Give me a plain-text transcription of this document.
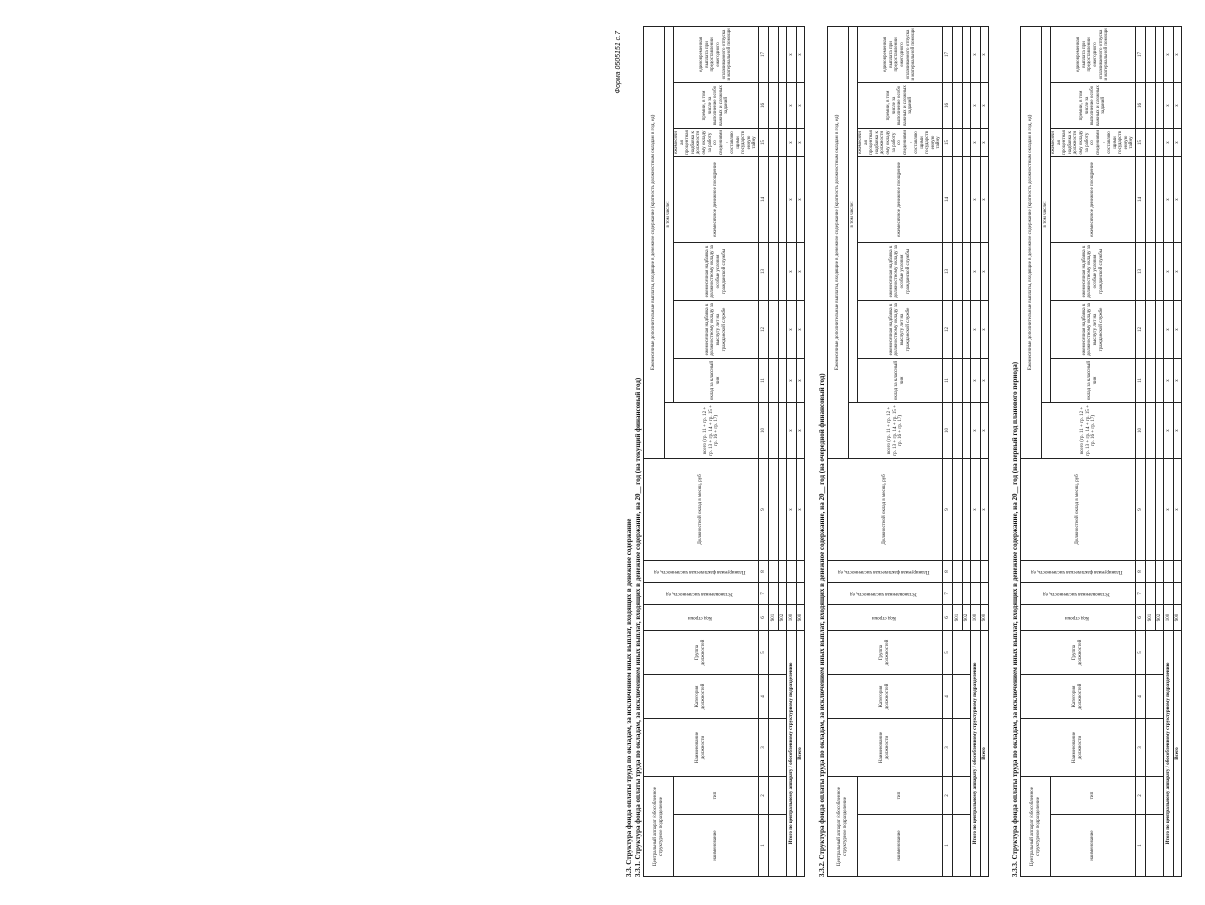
Форма 0505151 с.7
3.3. Структура фонда оплаты труда по окладам, за исключением иных выплат, входящих в денежное содержание 3.3.1. Структура фонда оплаты труда по окладам, за исключением иных выплат, входящих в денежное содержание, на 20__ год (на текущий финансовый год) Центральный аппарат /обособленное структурное подразделение		Наименование должности	Категория должностей	Группа должностей	Код строки	Установленная численность, ед	Планируемая фактическая численность, ед	Должностной оклад в месяц, руб	Ежемесячные дополнительные выплаты, входящие в денежное содержание (кратность должностным окладам в год, ед)							
									всего (гр. 11 + гр. 12 + гр. 13 + гр. 14 + гр. 15 + гр. 16 + гр. 17)	в том числе:						
наименование	тип									оклад за классный чин	ежемесячная надбавка к должностному окладу за выслугу лет на гражданской службе	ежемесячная надбавка к должностному окладу за особые условия гражданской службы	ежемесячное денежное поощрение	ежемесячная процентная надбавка к должностному окладу за работу со сведениями, составляющими государственную тайну	премии, в том числе за выполнение особо важных и сложных заданий	единовременная выплата при предоставлении ежегодного оплачиваемого отпуска и материальной помощи
1	2	3	4	5	6	7	8	9	10	11	12	13	14	15	16	17
					901											
					902											
Итого по центральному аппарату / обособленному структурному подразделению					100			x	x	x	x	x	x	x	x	x
Всего					900			x	x	x	x	x	x	x	x	x
3.3.2. Структура фонда оплаты труда по окладам, за исключением иных выплат, входящих в денежное содержание, на 20__ год (на очередной финансовый год) Центральный аппарат /обособленное структурное подразделение		Наименование должности	Категория должностей	Группа должностей	Код строки	Установленная численность, ед	Планируемая фактическая численность, ед	Должностной оклад в месяц, руб	Ежемесячные дополнительные выплаты, входящие в денежное содержание (кратность должностным окладам в год, ед)							
									всего (гр. 11 + гр. 12 + гр. 13 + гр. 14 + гр. 15 + гр. 16 + гр. 17)	в том числе:						
наименование	тип									оклад за классный чин	ежемесячная надбавка к должностному окладу за выслугу лет на гражданской службе	ежемесячная надбавка к должностному окладу за особые условия гражданской службы	ежемесячное денежное поощрение	ежемесячная процентная надбавка к должностному окладу за работу со сведениями, составляющими государственную тайну	премии, в том числе за выполнение особо важных и сложных заданий	единовременная выплата при предоставлении ежегодного оплачиваемого отпуска и материальной помощи
1	2	3	4	5	6	7	8	9	10	11	12	13	14	15	16	17
					901											
					902											
Итого по центральному аппарату / обособленному структурному подразделению					100			x	x	x	x	x	x	x	x	x
Всего					900			x	x	x	x	x	x	x	x	x
3.3.3. Структура фонда оплаты труда по окладам, за исключением иных выплат, входящих в денежное содержание, на 20__ год (на первый год планового периода) Центральный аппарат /обособленное структурное подразделение		Наименование должности	Категория должностей	Группа должностей	Код строки	Установленная численность, ед	Планируемая фактическая численность, ед	Должностной оклад в месяц, руб	Ежемесячные дополнительные выплаты, входящие в денежное содержание (кратность должностным окладам в год, ед)							
									всего (гр. 11 + гр. 12 + гр. 13 + гр. 14 + гр. 15 + гр. 16 + гр. 17)	в том числе:						
наименование	тип									оклад за классный чин	ежемесячная надбавка к должностному окладу за выслугу лет на гражданской службе	ежемесячная надбавка к должностному окладу за особые условия гражданской службы	ежемесячное денежное поощрение	ежемесячная процентная надбавка к должностному окладу за работу со сведениями, составляющими государственную тайну	премии, в том числе за выполнение особо важных и сложных заданий	единовременная выплата при предоставлении ежегодного оплачиваемого отпуска и материальной помощи
1	2	3	4	5	6	7	8	9	10	11	12	13	14	15	16	17
					901											
					902											
Итого по центральному аппарату / обособленному структурному подразделению					100			x	x	x	x	x	x	x	x	x
Всего					900			x	x	x	x	x	x	x	x	x
